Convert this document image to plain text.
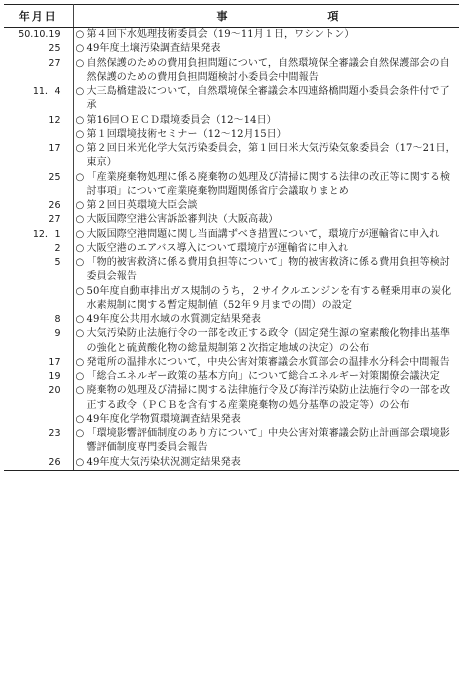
年月日	事 項
50.10.19	○ 第４回下水処理技術委員会（19～11月１日，ワシントン）

25	○ 49年度土壌汚染調査結果発表

27	○ 自然保護のための費用負担問題について，自然環境保全審議会自然保護部会の自然保護のための費用負担問題検討小委員会中間報告

11．4	○ 大三島橋建設について，自然環境保全審議会本四連絡橋問題小委員会条件付で了承

12	○ 第16回ＯＥＣＤ環境委員会（12～14日）
○ 第１回環境技術セミナー（12～12月15日）

17	○ 第２回日米光化学大気汚染委員会，第１回日米大気汚染気象委員会（17～21日，東京）

25	○ 「産業廃棄物処理に係る廃棄物の処理及び清掃に関する法律の改正等に関する検討事項」について産業廃棄物問題関係省庁会議取りまとめ

26	○ 第２回日英環境大臣会談

27	○ 大阪国際空港公害訴訟審判決（大阪高裁）

12．1	○ 大阪国際空港問題に関し当面講ずべき措置について，環境庁が運輸省に申入れ

2	○ 大阪空港のエアバス導入について環境庁が運輸省に申入れ

5	○ 「物的被害救済に係る費用負担等について」物的被害救済に係る費用負担等検討委員会報告
○ 50年度自動車排出ガス規制のうち，２サイクルエンジンを有する軽乗用車の炭化水素規制に関する暫定規制値（52年９月までの間）の設定

8	○ 49年度公共用水域の水質測定結果発表

9	○ 大気汚染防止法施行令の一部を改正する政令（固定発生源の窒素酸化物排出基準の強化と硫黄酸化物の総量規制第２次指定地域の決定）の公布

17	○ 発電所の温排水について，中央公害対策審議会水質部会の温排水分科会中間報告

19	○ 「総合エネルギー政策の基本方向」について総合エネルギー対策閣僚会議決定

20	○ 廃棄物の処理及び清掃に関する法律施行令及び海洋汚染防止法施行令の一部を改正する政令（ＰＣＢを含有する産業廃棄物の処分基準の設定等）の公布
○ 49年度化学物質環境調査結果発表

23	○ 「環境影響評価制度のあり方について」中央公害対策審議会防止計画部会環境影響評価制度専門委員会報告

26	○ 49年度大気汚染状況測定結果発表
